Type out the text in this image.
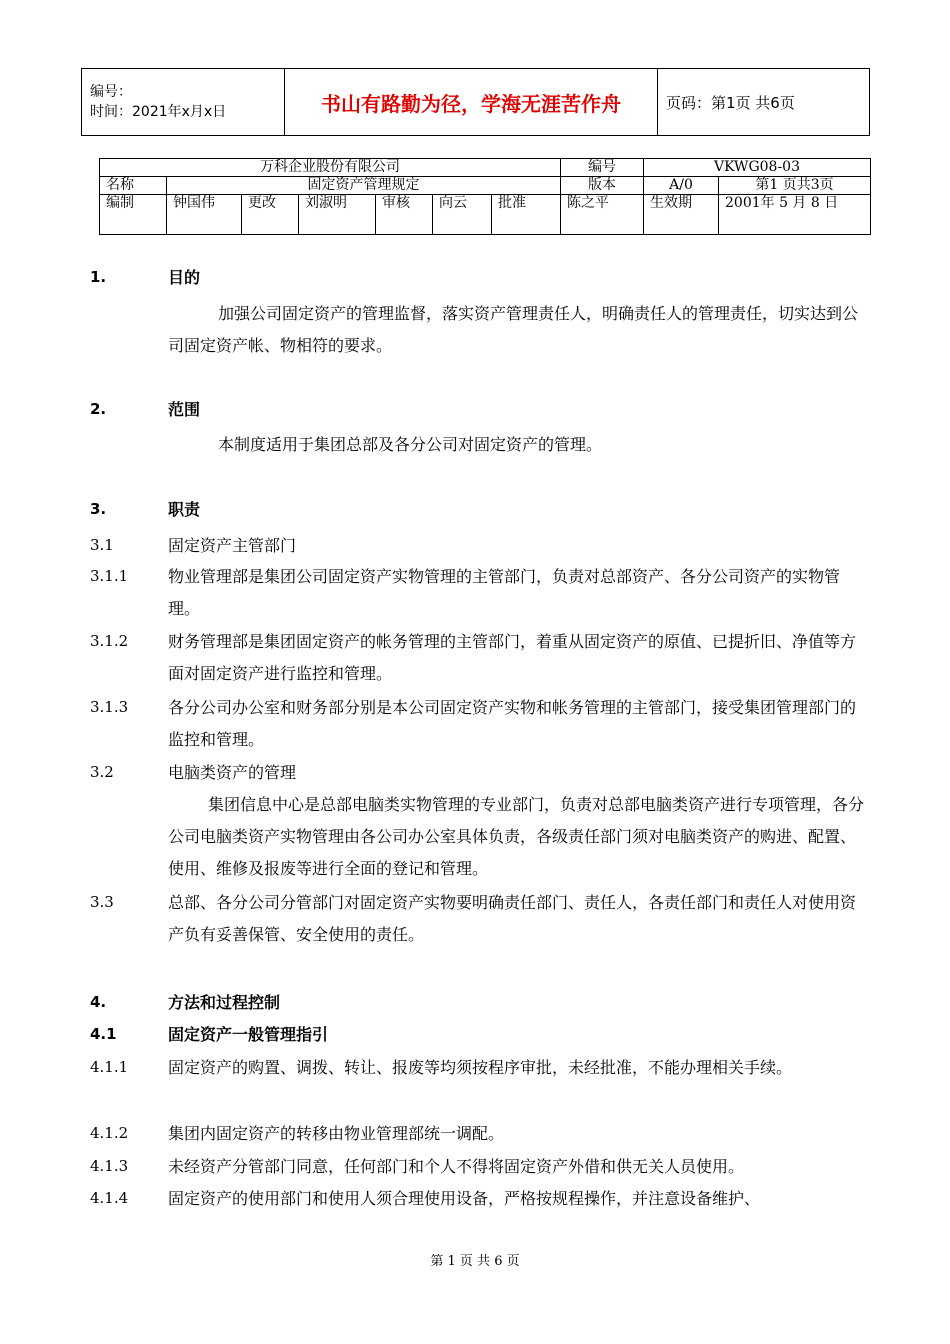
编号：
时间：2021年x月x日	书山有路勤为径，学海无涯苦作舟	页码：第1页 共6页
万科企业股份有限公司							编号	VKWG08-03	
名称	固定资产管理规定						版本	A/0	第1 页共3页
编制	钟国伟	更改	刘淑明	审核	向云	批准	陈之平	生效期	2001年 5 月 8 日
1.	目的
加强公司固定资产的管理监督，落实资产管理责任人，明确责任人的管理责任，切实达到公司固定资产帐、物相符的要求。
2.	范围
本制度适用于集团总部及各分公司对固定资产的管理。
3.	职责
3.1	固定资产主管部门
3.1.1 物业管理部是集团公司固定资产实物管理的主管部门，负责对总部资产、各分公司资产的实物管理。
3.1.2 财务管理部是集团固定资产的帐务管理的主管部门，着重从固定资产的原值、已提折旧、净值等方面对固定资产进行监控和管理。
3.1.3 各分公司办公室和财务部分别是本公司固定资产实物和帐务管理的主管部门，接受集团管理部门的监控和管理。
3.2	电脑类资产的管理
集团信息中心是总部电脑类实物管理的专业部门，负责对总部电脑类资产进行专项管理，各分公司电脑类资产实物管理由各公司办公室具体负责，各级责任部门须对电脑类资产的购进、配置、使用、维修及报废等进行全面的登记和管理。
3.3	总部、各分公司分管部门对固定资产实物要明确责任部门、责任人，各责任部门和责任人对使用资产负有妥善保管、安全使用的责任。
4.	方法和过程控制
4.1	固定资产一般管理指引
4.1.1 固定资产的购置、调拨、转让、报废等均须按程序审批，未经批准，不能办理相关手续。
4.1.2 集团内固定资产的转移由物业管理部统一调配。
4.1.3 未经资产分管部门同意，任何部门和个人不得将固定资产外借和供无关人员使用。
4.1.4 固定资产的使用部门和使用人须合理使用设备，严格按规程操作，并注意设备维护、
第 1 页 共 6 页
